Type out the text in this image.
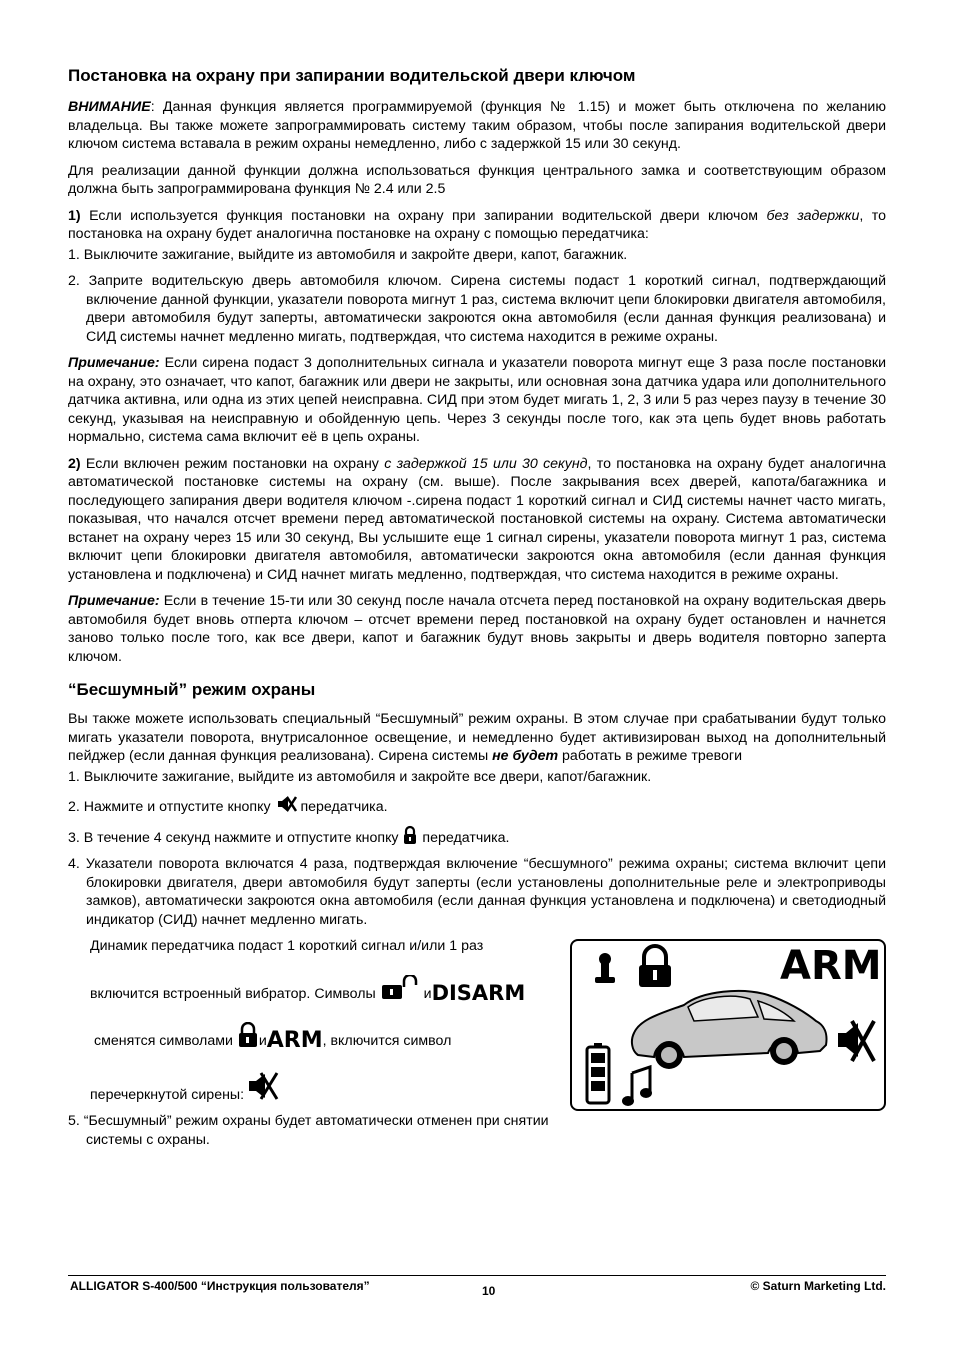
Постановка на охрану при запирании водительской двери ключом

ВНИМАНИЕ: Данная функция является программируемой (функция № 1.15) и может быть отключена по желанию владельца. Вы также можете запрограммировать систему таким образом, чтобы после запирания водительской двери ключом система вставала в режим охраны немедленно, либо с задержкой 15 или 30 секунд.

Для реализации данной функции должна использоваться функция центрального замка и соответствующим образом должна быть запрограммирована функция № 2.4 или 2.5

1) Если используется функция постановки на охрану при запирании водительской двери ключом без задержки, то постановка на охрану будет аналогична постановке на охрану с помощью передатчика:

1. Выключите зажигание, выйдите из автомобиля и закройте двери, капот, багажник.

2. Заприте водительскую дверь автомобиля ключом. Сирена системы подаст 1 короткий сигнал, подтверждающий включение данной функции, указатели поворота мигнут 1 раз, система включит цепи блокировки двигателя автомобиля, двери автомобиля будут заперты, автоматически закроются окна автомобиля (если данная функция реализована) и СИД системы начнет медленно мигать, подтверждая, что система находится в режиме охраны.

Примечание: Если сирена подаст 3 дополнительных сигнала и указатели поворота мигнут еще 3 раза после постановки на охрану, это означает, что капот, багажник или двери не закрыты, или основная зона датчика удара или дополнительного датчика активна, или одна из этих цепей неисправна. СИД при этом будет мигать 1, 2, 3 или 5 раз через паузу в течение 30 секунд, указывая на неисправную и обойденную цепь. Через 3 секунды после того, как эта цепь будет вновь работать нормально, система сама включит её в цепь охраны.

2) Если включен режим постановки на охрану с задержкой 15 или 30 секунд, то постановка на охрану будет аналогична автоматической постановке системы на охрану (см. выше). После закрывания всех дверей, капота/багажника и последующего запирания двери водителя ключом -.сирена подаст 1 короткий сигнал и СИД системы начнет часто мигать, показывая, что начался отсчет времени перед автоматической постановкой системы на охрану. Система автоматически встанет на охрану через 15 или 30 секунд, Вы услышите еще 1 сигнал сирены, указатели поворота мигнут 1 раз, система включит цепи блокировки двигателя автомобиля, автоматически закроются окна автомобиля (если данная функция установлена и подключена) и СИД начнет мигать медленно, подтверждая, что система находится в режиме охраны.

Примечание: Если в течение 15-ти или 30 секунд после начала отсчета перед постановкой на охрану водительская дверь автомобиля будет вновь отперта ключом – отсчет времени перед постановкой на охрану будет остановлен и начнется заново только после того, как все двери, капот и багажник будут вновь закрыты и дверь водителя повторно заперта ключом.

“Бесшумный” режим охраны

Вы также можете использовать специальный “Бесшумный” режим охраны. В этом случае при срабатывании будут только мигать указатели поворота, внутрисалонное освещение, и немедленно будет активизирован выход на дополнительный пейджер (если данная функция реализована). Сирена системы не будет работать в режиме тревоги

1. Выключите зажигание, выйдите из автомобиля и закройте все двери, капот/багажник.

2. Нажмите и отпустите кнопку  передатчика.

3. В течение 4 секунд нажмите и отпустите кнопку  передатчика.

4. Указатели поворота включатся 4 раза, подтверждая включение “бесшумного” режима охраны; система включит цепи блокировки двигателя, двери автомобиля будут заперты (если установлены дополнительные реле и электроприводы замков), автоматически закроются окна автомобиля (если данная функция установлена и подключена) и светодиодный индикатор (СИД) начнет медленно мигать.

Динамик передатчика подаст 1 короткий сигнал и/или 1 раз

включится встроенный вибратор. Символы	иDISARM

сменятся символами иARM, включится символ

перечеркнутой сирены:

5. “Бесшумный” режим охраны будет автоматически отменен при снятии системы с охраны.

ARM
ALLIGATOR S-400/500 “Инструкция пользователя”	10	© Saturn Marketing Ltd.
